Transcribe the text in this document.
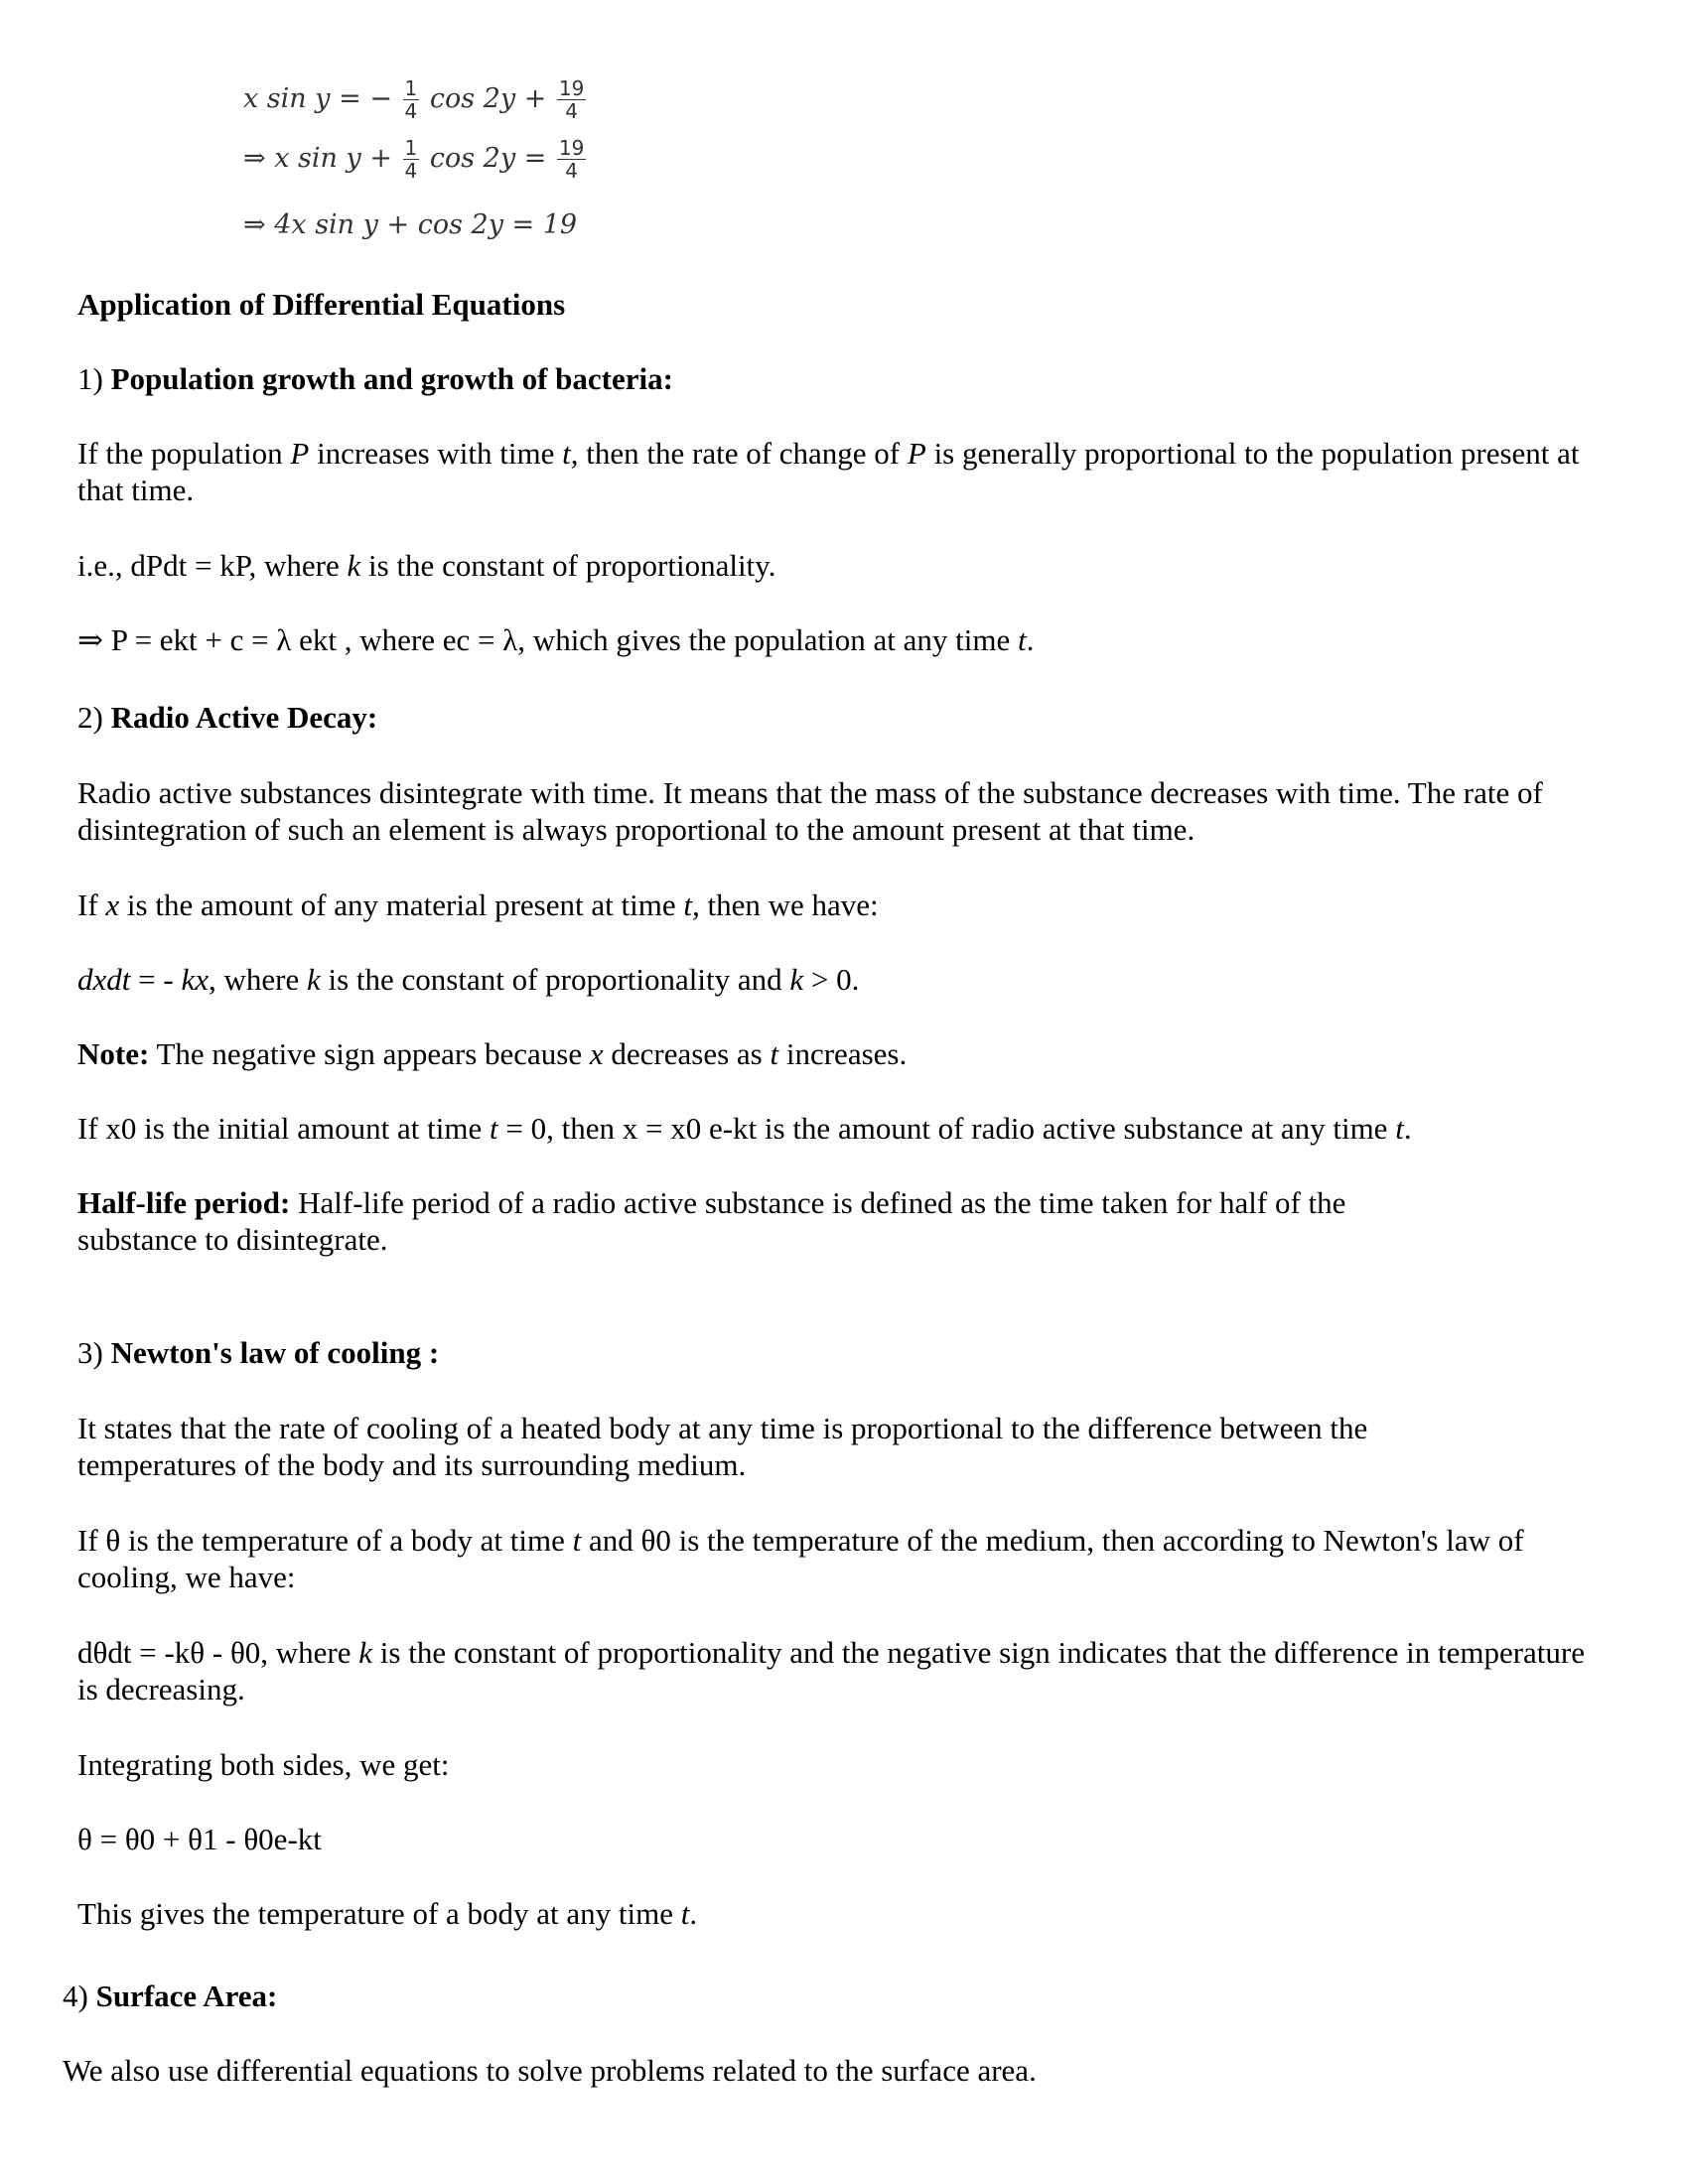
x sin y = − $\frac{1}{4}$ $\cos 2y + \frac{19}{4}$
⇒ x $\sin y + \frac{1}{4}$ $\cos 2y = \frac{19}{4}$
⇒ 4x sin y + cos 2y = 19

Application of Differential Equations

1) Population growth and growth of bacteria:

If the population P increases with time t, then the rate of change of P is generally proportional to the population present at that time.

i.e., dPdt = kP, where k is the constant of proportionality.

⇒ P = ekt + c = λ ekt , where ec = λ, which gives the population at any time t.

2) Radio Active Decay:

Radio active substances disintegrate with time. It means that the mass of the substance decreases with time. The rate of disintegration of such an element is always proportional to the amount present at that time.

If x is the amount of any material present at time t, then we have:

dxdt = - kx, where k is the constant of proportionality and k > 0.

Note: The negative sign appears because x decreases as t increases.

If x0 is the initial amount at time t = 0, then x = x0 e-kt is the amount of radio active substance at any time t.

Half-life period: Half-life period of a radio active substance is defined as the time taken for half of the substance to disintegrate.

3) Newton's law of cooling :

It states that the rate of cooling of a heated body at any time is proportional to the difference between the temperatures of the body and its surrounding medium.

If θ is the temperature of a body at time t and θ0 is the temperature of the medium, then according to Newton's law of cooling, we have:

dθdt = -kθ - θ0, where k is the constant of proportionality and the negative sign indicates that the difference in temperature is decreasing.

Integrating both sides, we get:

θ = θ0 + θ1 - θ0e-kt

This gives the temperature of a body at any time t.

4) Surface Area:

We also use differential equations to solve problems related to the surface area.
